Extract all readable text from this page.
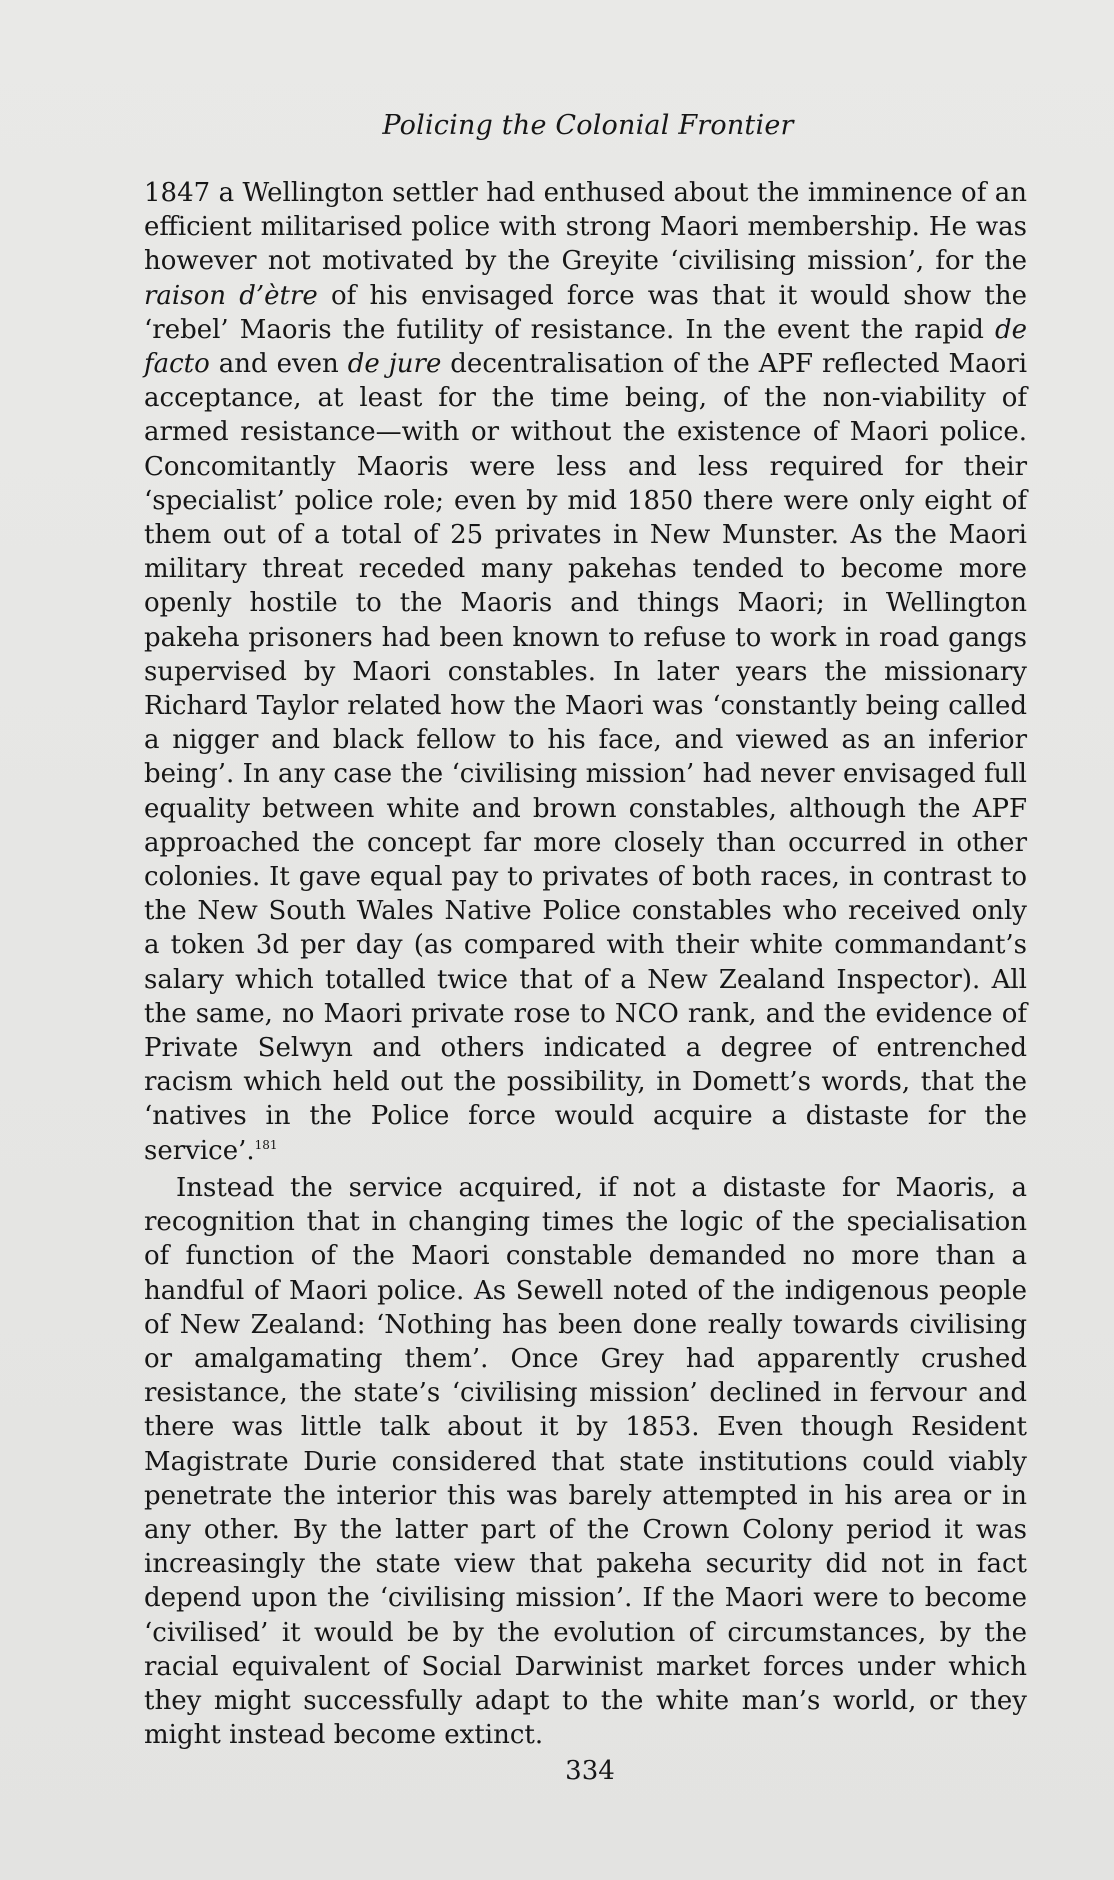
Policing the Colonial Frontier

1847 a Wellington settler had enthused about the imminence of an efficient militarised police with strong Maori membership. He was however not motivated by the Greyite ‘civilising mission’, for the raison d’ètre of his envisaged force was that it would show the ‘rebel’ Maoris the futility of resistance. In the event the rapid de facto and even de jure decentralisation of the APF reflected Maori acceptance, at least for the time being, of the non-viability of armed resistance—with or without the existence of Maori police. Concomitantly Maoris were less and less required for their ‘specialist’ police role; even by mid 1850 there were only eight of them out of a total of 25 privates in New Munster. As the Maori military threat receded many pakehas tended to become more openly hostile to the Maoris and things Maori; in Wellington pakeha prisoners had been known to refuse to work in road gangs supervised by Maori constables. In later years the missionary Richard Taylor related how the Maori was ‘constantly being called a nigger and black fellow to his face, and viewed as an inferior being’. In any case the ‘civilising mission’ had never envisaged full equality between white and brown constables, although the APF approached the concept far more closely than occurred in other colonies. It gave equal pay to privates of both races, in contrast to the New South Wales Native Police constables who received only a token 3d per day (as compared with their white commandant’s salary which totalled twice that of a New Zealand Inspector). All the same, no Maori private rose to NCO rank, and the evidence of Private Selwyn and others indicated a degree of entrenched racism which held out the possibility, in Domett’s words, that the ‘natives in the Police force would acquire a distaste for the service’.$^{181}$

Instead the service acquired, if not a distaste for Maoris, a recognition that in changing times the logic of the specialisation of function of the Maori constable demanded no more than a handful of Maori police. As Sewell noted of the indigenous people of New Zealand: ‘Nothing has been done really towards civilising or amalgamating them’. Once Grey had apparently crushed resistance, the state’s ‘civilising mission’ declined in fervour and there was little talk about it by 1853. Even though Resident Magistrate Durie considered that state institutions could viably penetrate the interior this was barely attempted in his area or in any other. By the latter part of the Crown Colony period it was increasingly the state view that pakeha security did not in fact depend upon the ‘civilising mission’. If the Maori were to become ‘civilised’ it would be by the evolution of circumstances, by the racial equivalent of Social Darwinist market forces under which they might successfully adapt to the white man’s world, or they might instead become extinct.

334
